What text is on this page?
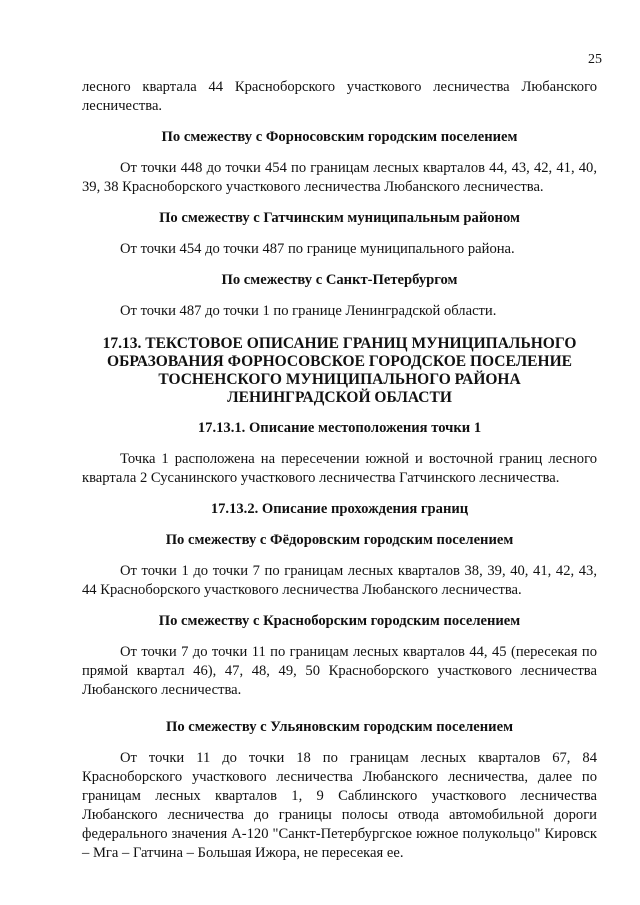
25

лесного квартала 44 Красноборского участкового лесничества Любанского лесничества.

По смежеству с Форносовским городским поселением

От точки 448 до точки 454 по границам лесных кварталов 44, 43, 42, 41, 40, 39, 38 Красноборского участкового лесничества Любанского лесничества.

По смежеству с Гатчинским муниципальным районом

От точки 454 до точки 487 по границе муниципального района.

По смежеству с Санкт-Петербургом

От точки 487 до точки 1 по границе Ленинградской области.

17.13. ТЕКСТОВОЕ ОПИСАНИЕ ГРАНИЦ МУНИЦИПАЛЬНОГО

ОБРАЗОВАНИЯ ФОРНОСОВСКОЕ ГОРОДСКОЕ ПОСЕЛЕНИЕ

ТОСНЕНСКОГО МУНИЦИПАЛЬНОГО РАЙОНА

ЛЕНИНГРАДСКОЙ ОБЛАСТИ

17.13.1. Описание местоположения точки 1

Точка 1 расположена на пересечении южной и восточной границ лесного квартала 2 Сусанинского участкового лесничества Гатчинского лесничества.

17.13.2. Описание прохождения границ

По смежеству с Фёдоровским городским поселением

От точки 1 до точки 7 по границам лесных кварталов 38, 39, 40, 41, 42, 43, 44 Красноборского участкового лесничества Любанского лесничества.

По смежеству с Красноборским городским поселением

От точки 7 до точки 11 по границам лесных кварталов 44, 45 (пересекая по прямой квартал 46), 47, 48, 49, 50 Красноборского участкового лесничества Любанского лесничества.

По смежеству с Ульяновским городским поселением

От точки 11 до точки 18 по границам лесных кварталов 67, 84 Красноборского участкового лесничества Любанского лесничества, далее по границам лесных кварталов 1, 9 Саблинского участкового лесничества Любанского лесничества до границы полосы отвода автомобильной дороги федерального значения А-120 "Санкт-Петербургское южное полукольцо" Кировск – Мга – Гатчина – Большая Ижора, не пересекая ее.
